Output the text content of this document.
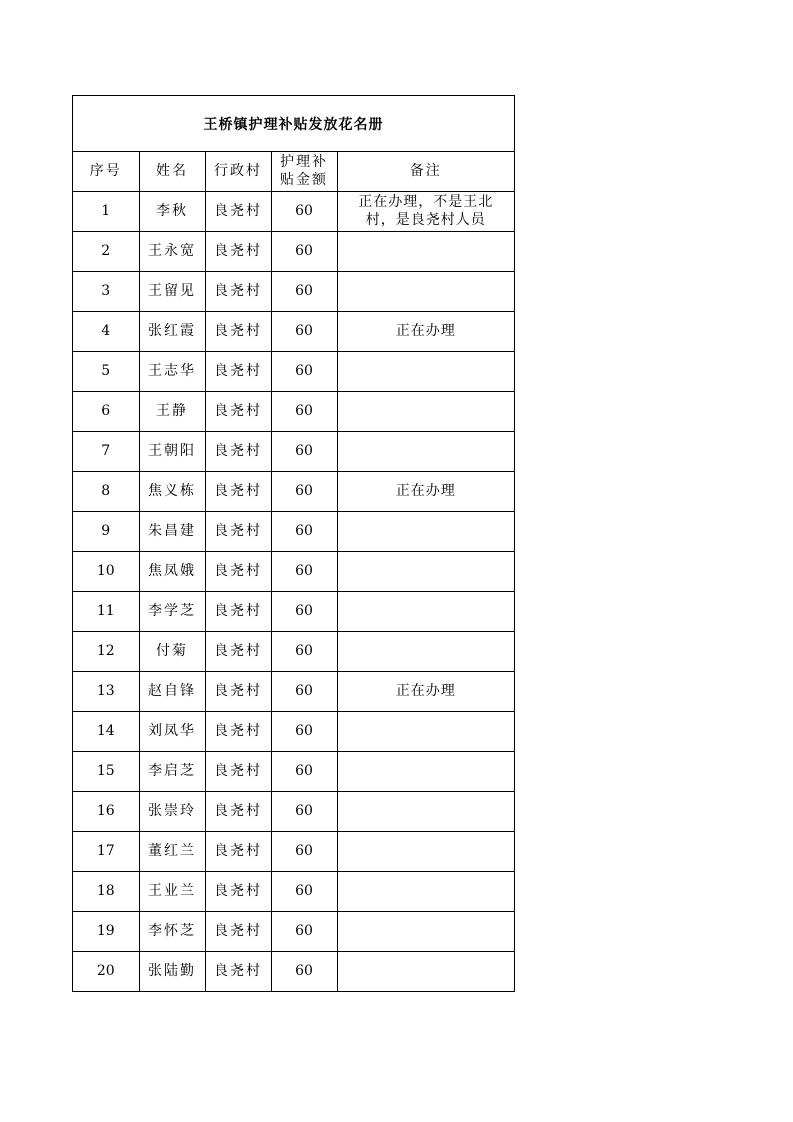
王桥镇护理补贴发放花名册
序号	姓名	行政村	护理补贴金额	备注
1	李秋	良尧村	60	正在办理，不是王北村，是良尧村人员
2	王永宽	良尧村	60	
3	王留见	良尧村	60	
4	张红霞	良尧村	60	正在办理
5	王志华	良尧村	60	
6	王静	良尧村	60	
7	王朝阳	良尧村	60	
8	焦义栋	良尧村	60	正在办理
9	朱昌建	良尧村	60	
10	焦凤娥	良尧村	60	
11	李学芝	良尧村	60	
12	付菊	良尧村	60	
13	赵自锋	良尧村	60	正在办理
14	刘凤华	良尧村	60	
15	李启芝	良尧村	60	
16	张崇玲	良尧村	60	
17	董红兰	良尧村	60	
18	王业兰	良尧村	60	
19	李怀芝	良尧村	60	
20	张陆勤	良尧村	60	
